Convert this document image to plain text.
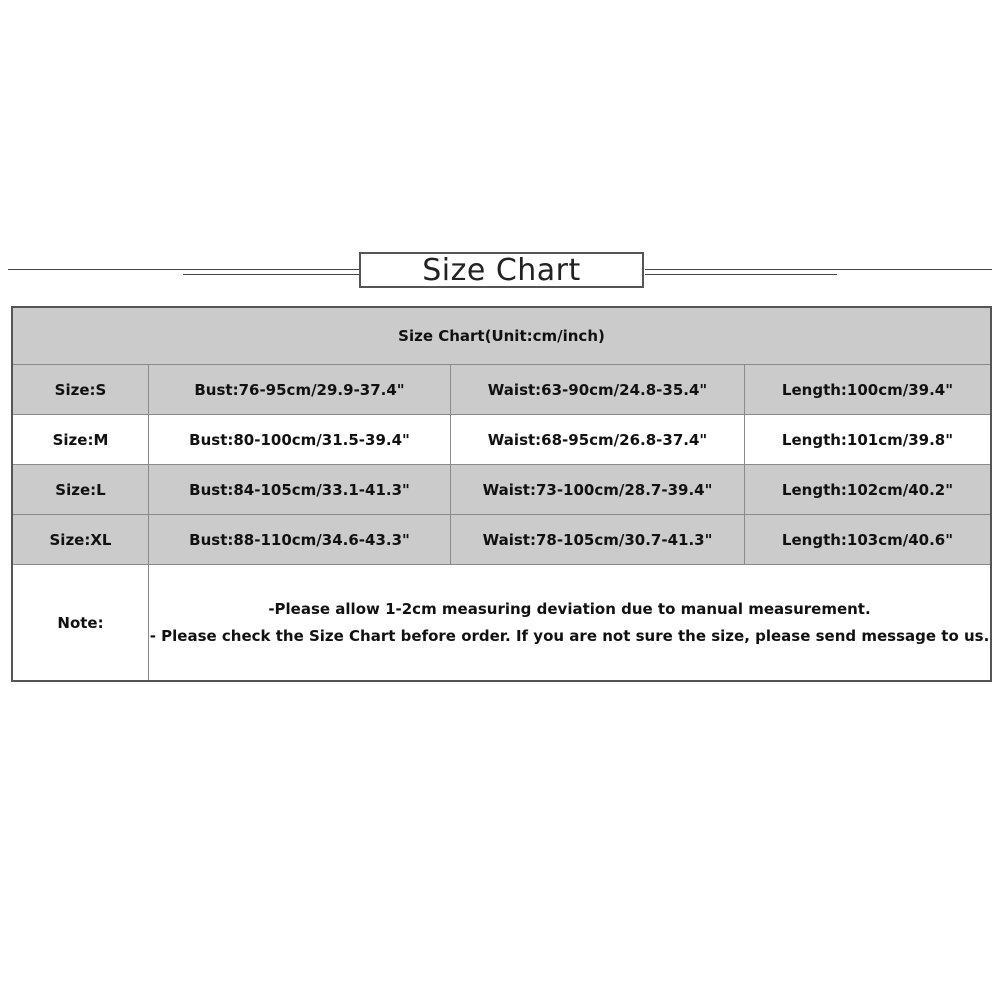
Size Chart
Size Chart(Unit:cm/inch)
Size:S	Bust:76-95cm/29.9-37.4"	Waist:63-90cm/24.8-35.4"	Length:100cm/39.4"
Size:M	Bust:80-100cm/31.5-39.4"	Waist:68-95cm/26.8-37.4"	Length:101cm/39.8"
Size:L	Bust:84-105cm/33.1-41.3"	Waist:73-100cm/28.7-39.4"	Length:102cm/40.2"
Size:XL	Bust:88-110cm/34.6-43.3"	Waist:78-105cm/30.7-41.3"	Length:103cm/40.6"
Note:
-Please allow 1-2cm measuring deviation due to manual measurement.
- Please check the Size Chart before order. If you are not sure the size, please send message to us.
